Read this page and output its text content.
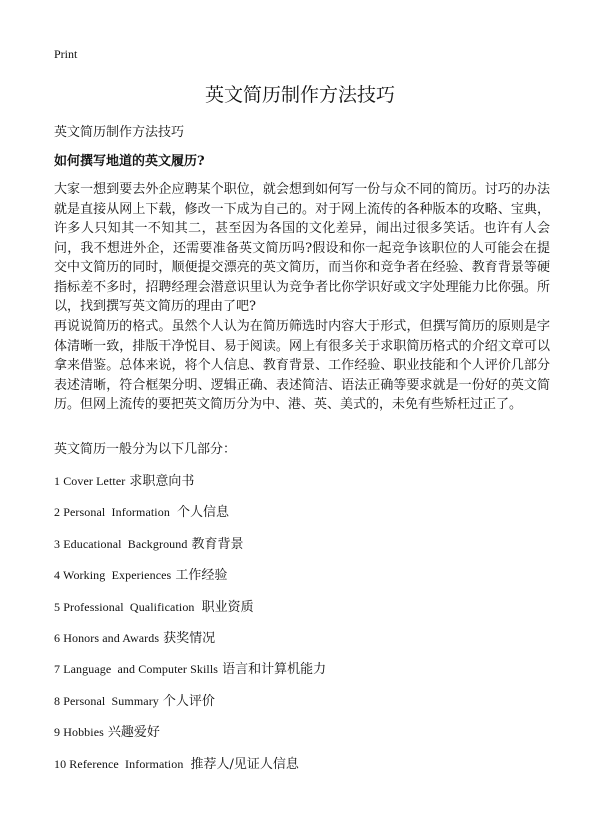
Print
英文简历制作方法技巧
英文简历制作方法技巧
如何撰写地道的英文履历?
大家一想到要去外企应聘某个职位，就会想到如何写一份与众不同的简历。讨巧的办法就是直接从网上下载，修改一下成为自己的。对于网上流传的各种版本的攻略、宝典，许多人只知其一不知其二，甚至因为各国的文化差异，闹出过很多笑话。也许有人会问，我不想进外企，还需要准备英文简历吗?假设和你一起竞争该职位的人可能会在提交中文简历的同时，顺便提交漂亮的英文简历，而当你和竞争者在经验、教育背景等硬指标差不多时，招聘经理会潜意识里认为竞争者比你学识好或文字处理能力比你强。所以，找到撰写英文简历的理由了吧?
再说说简历的格式。虽然个人认为在简历筛选时内容大于形式，但撰写简历的原则是字体清晰一致，排版干净悦目、易于阅读。网上有很多关于求职简历格式的介绍文章可以拿来借鉴。总体来说，将个人信息、教育背景、工作经验、职业技能和个人评价几部分表述清晰，符合框架分明、逻辑正确、表述简洁、语法正确等要求就是一份好的英文简历。但网上流传的要把英文简历分为中、港、英、美式的，未免有些矫枉过正了。
英文简历一般分为以下几部分：
1 Cover Letter 求职意向书
2 Personal  Information 个人信息
3 Educational  Background 教育背景
4 Working  Experiences 工作经验
5 Professional  Qualification 职业资质
6 Honors and Awards 获奖情况
7 Language  and Computer Skills 语言和计算机能力
8 Personal  Summary 个人评价
9 Hobbies 兴趣爱好
10 Reference  Information 推荐人/见证人信息
